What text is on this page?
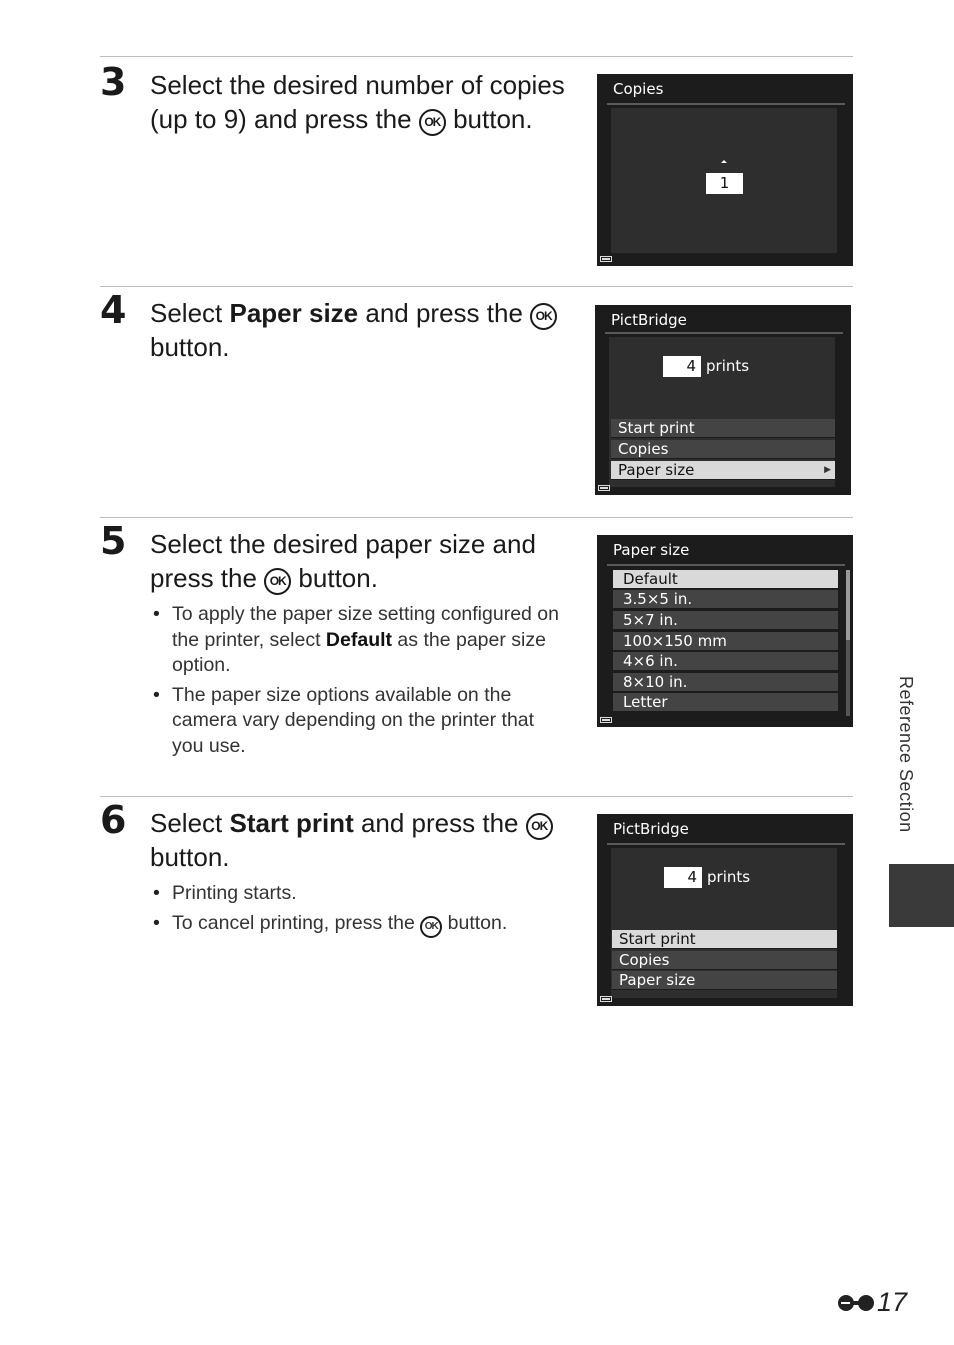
3 Select the desired number of copies (up to 9) and press the OK button.
Copies
1
4 Select Paper size and press the OK button.
PictBridge
4 prints
Start print
Copies
Paper size	▶
5 Select the desired paper size and press the OK button.
• To apply the paper size setting configured on the printer, select Default as the paper size option.
• The paper size options available on the camera vary depending on the printer that you use.
Paper size
Default
3.5×5 in.
5×7 in.
100×150 mm
4×6 in.
8×10 in.
Letter
6 Select Start print and press the OK button.
• Printing starts.
• To cancel printing, press the OK button.
PictBridge
4 prints
Start print
Copies
Paper size
Reference Section
17
